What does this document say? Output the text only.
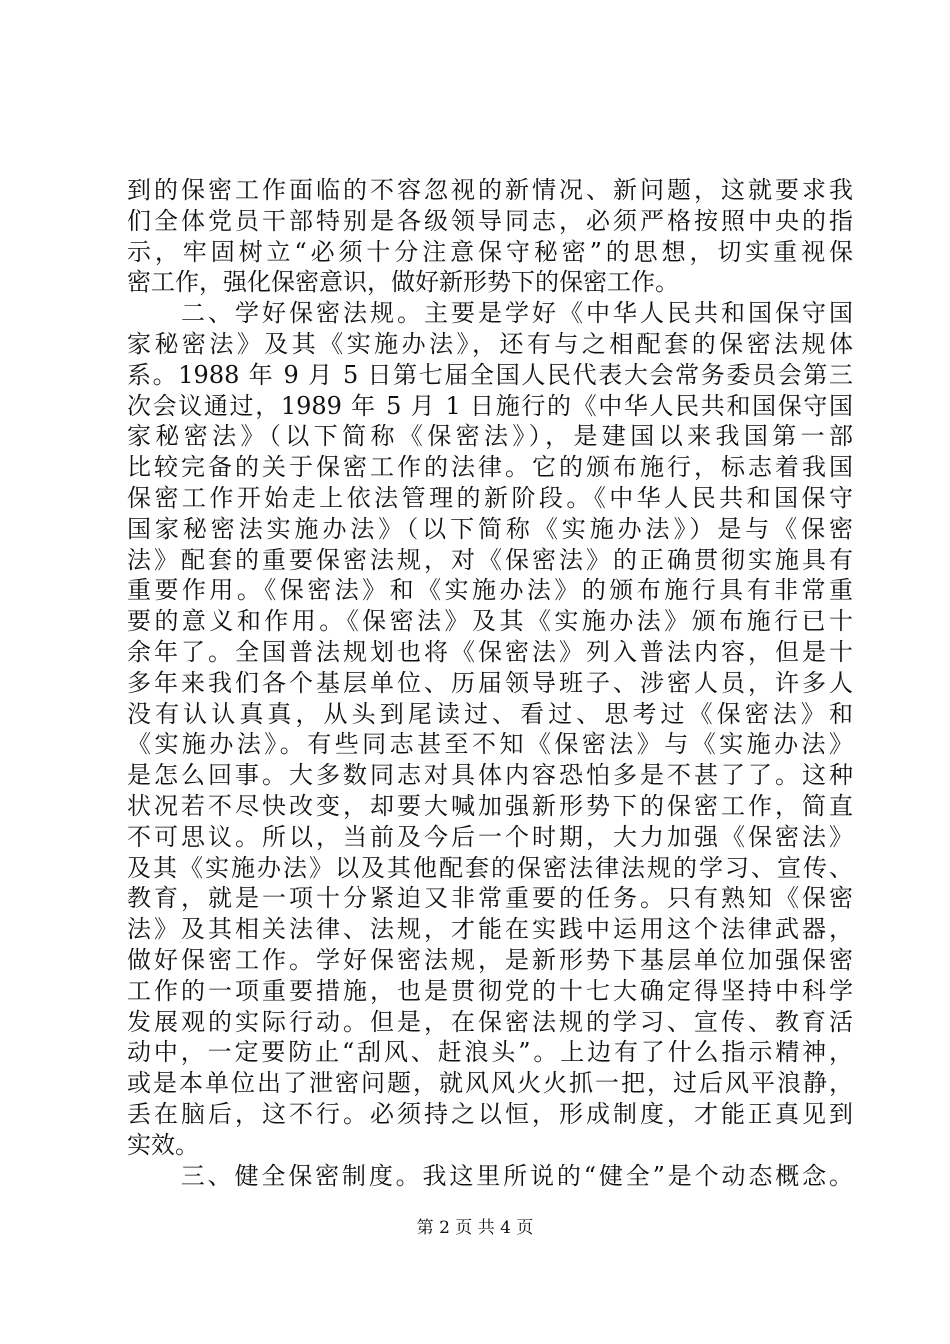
到的保密工作面临的不容忽视的新情况、新问题，这就要求我
们全体党员干部特别是各级领导同志，必须严格按照中央的指
示，牢固树立“必须十分注意保守秘密”的思想，切实重视保
密工作，强化保密意识，做好新形势下的保密工作。
　　二、学好保密法规。主要是学好《中华人民共和国保守国
家秘密法》及其《实施办法》，还有与之相配套的保密法规体
系。1988 年 9 月 5 日第七届全国人民代表大会常务委员会第三
次会议通过，1989 年 5 月 1 日施行的《中华人民共和国保守国
家秘密法》（以下简称《保密法》），是建国以来我国第一部
比较完备的关于保密工作的法律。它的颁布施行，标志着我国
保密工作开始走上依法管理的新阶段。《中华人民共和国保守
国家秘密法实施办法》（以下简称《实施办法》）是与《保密
法》配套的重要保密法规，对《保密法》的正确贯彻实施具有
重要作用。《保密法》和《实施办法》的颁布施行具有非常重
要的意义和作用。《保密法》及其《实施办法》颁布施行已十
余年了。全国普法规划也将《保密法》列入普法内容，但是十
多年来我们各个基层单位、历届领导班子、涉密人员，许多人
没有认认真真，从头到尾读过、看过、思考过《保密法》和
《实施办法》。有些同志甚至不知《保密法》与《实施办法》
是怎么回事。大多数同志对具体内容恐怕多是不甚了了。这种
状况若不尽快改变，却要大喊加强新形势下的保密工作，简直
不可思议。所以，当前及今后一个时期，大力加强《保密法》
及其《实施办法》以及其他配套的保密法律法规的学习、宣传、
教育，就是一项十分紧迫又非常重要的任务。只有熟知《保密
法》及其相关法律、法规，才能在实践中运用这个法律武器，
做好保密工作。学好保密法规，是新形势下基层单位加强保密
工作的一项重要措施，也是贯彻党的十七大确定得坚持中科学
发展观的实际行动。但是，在保密法规的学习、宣传、教育活
动中，一定要防止“刮风、赶浪头”。上边有了什么指示精神，
或是本单位出了泄密问题，就风风火火抓一把，过后风平浪静，
丢在脑后，这不行。必须持之以恒，形成制度，才能正真见到
实效。
　　三、健全保密制度。我这里所说的“健全”是个动态概念。
第 2 页 共 4 页
